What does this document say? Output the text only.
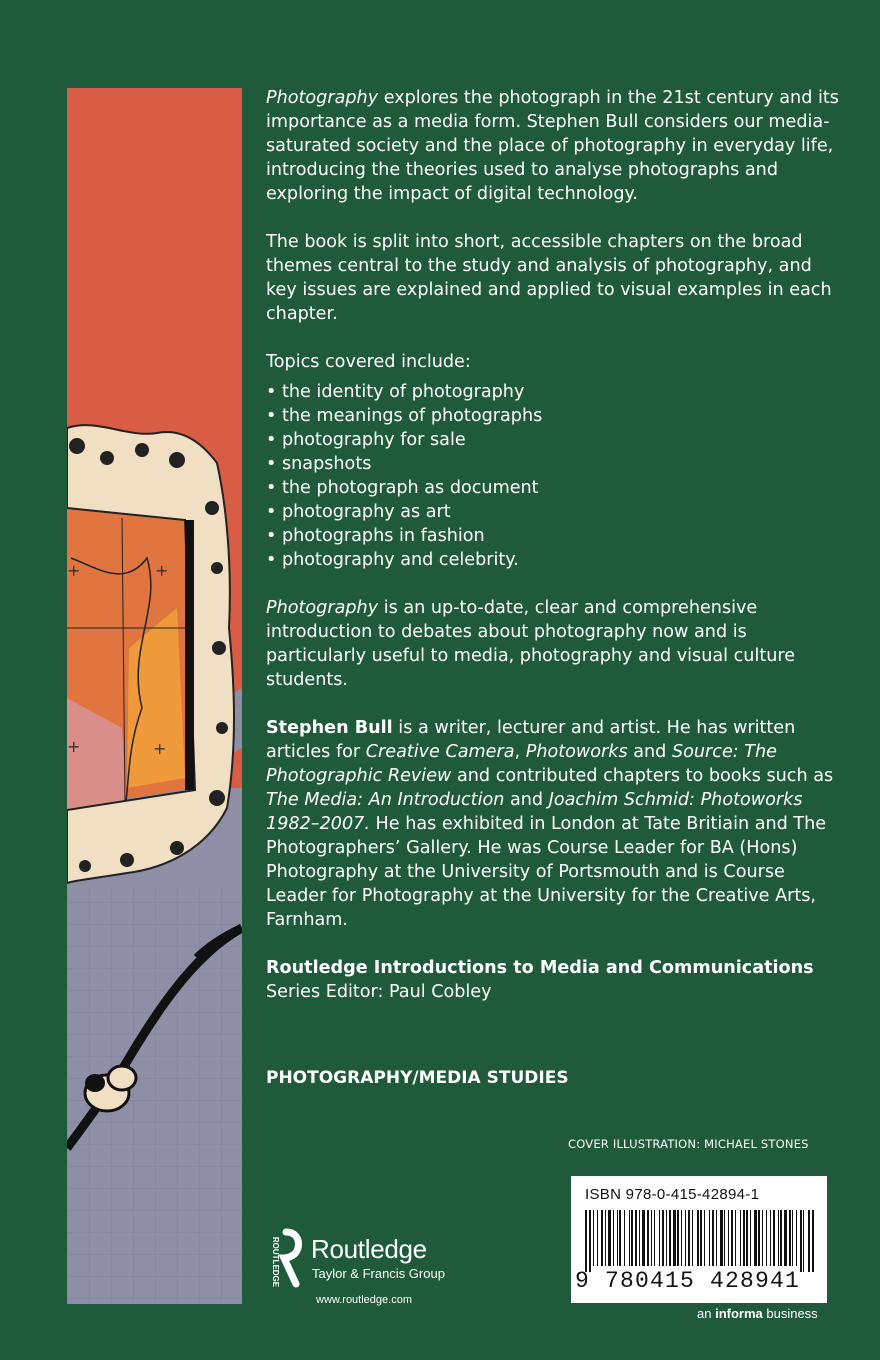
+	+
+	+

Photography explores the photograph in the 21st century and its importance as a media form. Stephen Bull considers our media-saturated society and the place of photography in everyday life, introducing the theories used to analyse photographs and exploring the impact of digital technology.

The book is split into short, accessible chapters on the broad themes central to the study and analysis of photography, and key issues are explained and applied to visual examples in each chapter.

Topics covered include:

• the identity of photography
• the meanings of photographs
• photography for sale
• snapshots
• the photograph as document
• photography as art
• photographs in fashion
• photography and celebrity.

Photography is an up-to-date, clear and comprehensive introduction to debates about photography now and is particularly useful to media, photography and visual culture students.

Stephen Bull is a writer, lecturer and artist. He has written articles for Creative Camera, Photoworks and Source: The Photographic Review and contributed chapters to books such as The Media: An Introduction and Joachim Schmid: Photoworks 1982–2007. He has exhibited in London at Tate Britiain and The Photographers’ Gallery. He was Course Leader for BA (Hons) Photography at the University of Portsmouth and is Course Leader for Photography at the University for the Creative Arts, Farnham.

Routledge Introductions to Media and Communications

Series Editor: Paul Cobley

PHOTOGRAPHY/MEDIA STUDIES
COVER ILLUSTRATION: MICHAEL STONES
ROUTLEDGE Routledge
Taylor & Francis Group
www.routledge.com
ISBN 978-0-415-42894-1
9 780415 428941
an informa business
